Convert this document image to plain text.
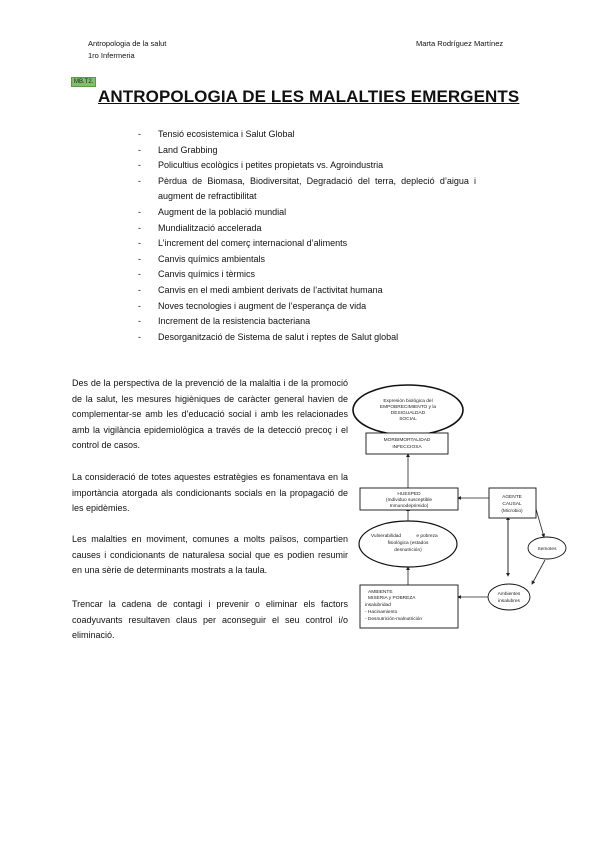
Antropologia de la salut
1ro Infermeria
Marta Rodríguez Martínez
MB.T2.
ANTROPOLOGIA DE LES MALALTIES EMERGENTS
- Tensió ecosistemica i Salut Global
- Land Grabbing
- Policultius ecològics i petites propietats vs. Agroindustria
- Pèrdua de Biomasa, Biodiversitat, Degradació del terra, depleció d’aigua i augment de refractibilitat
- Augment de la població mundial
- Mundialització accelerada
- L’increment del comerç internacional d’aliments
- Canvis químics ambientals
- Canvis químics i tèrmics
- Canvis en el medi ambient derivats de l’activitat humana
- Noves tecnologies i augment de l’esperança de vida
- Increment de la resistencia bacteriana
- Desorganització de Sistema de salut i reptes de Salut global

Des de la perspectiva de la prevenció de la malaltia i de la promoció de la salut, les mesures higièniques de caràcter general havien de complementar-se amb les d’educació social i amb les relacionades amb la vigilància epidemiològica a través de la detecció precoç i el control de casos.

La consideració de totes aquestes estratègies es fonamentava en la importància atorgada als condicionants socials en la propagació de les epidèmies.

Les malalties en moviment, comunes a molts països, compartien causes i condicionants de naturalesa social que es podien resumir en una sèrie de determinants mostrats a la taula.

Trencar la cadena de contagi i prevenir o eliminar els factors coadyuvants resultaven claus per aconseguir el seu control i/o eliminació.

Expresión biológica del
EMPOBRECIMIENTO y la
DESIGUALDAD
SOCIAL
MORBIMORTALIDAD
INFECCIOSA
HUESPED
(Individuo susceptible
Inmunodeprimido)
AGENTE
CAUSAL
(Microbio)
Vulnerabilidad	e pobreza
fisiológica (estados
desnutrición)	Semotes
AMBIENTE
MISERIA y POBREZA
insalubridad
- Hacinamiento
- Desnutrición-malnutrición
Ambientes
insalubres
